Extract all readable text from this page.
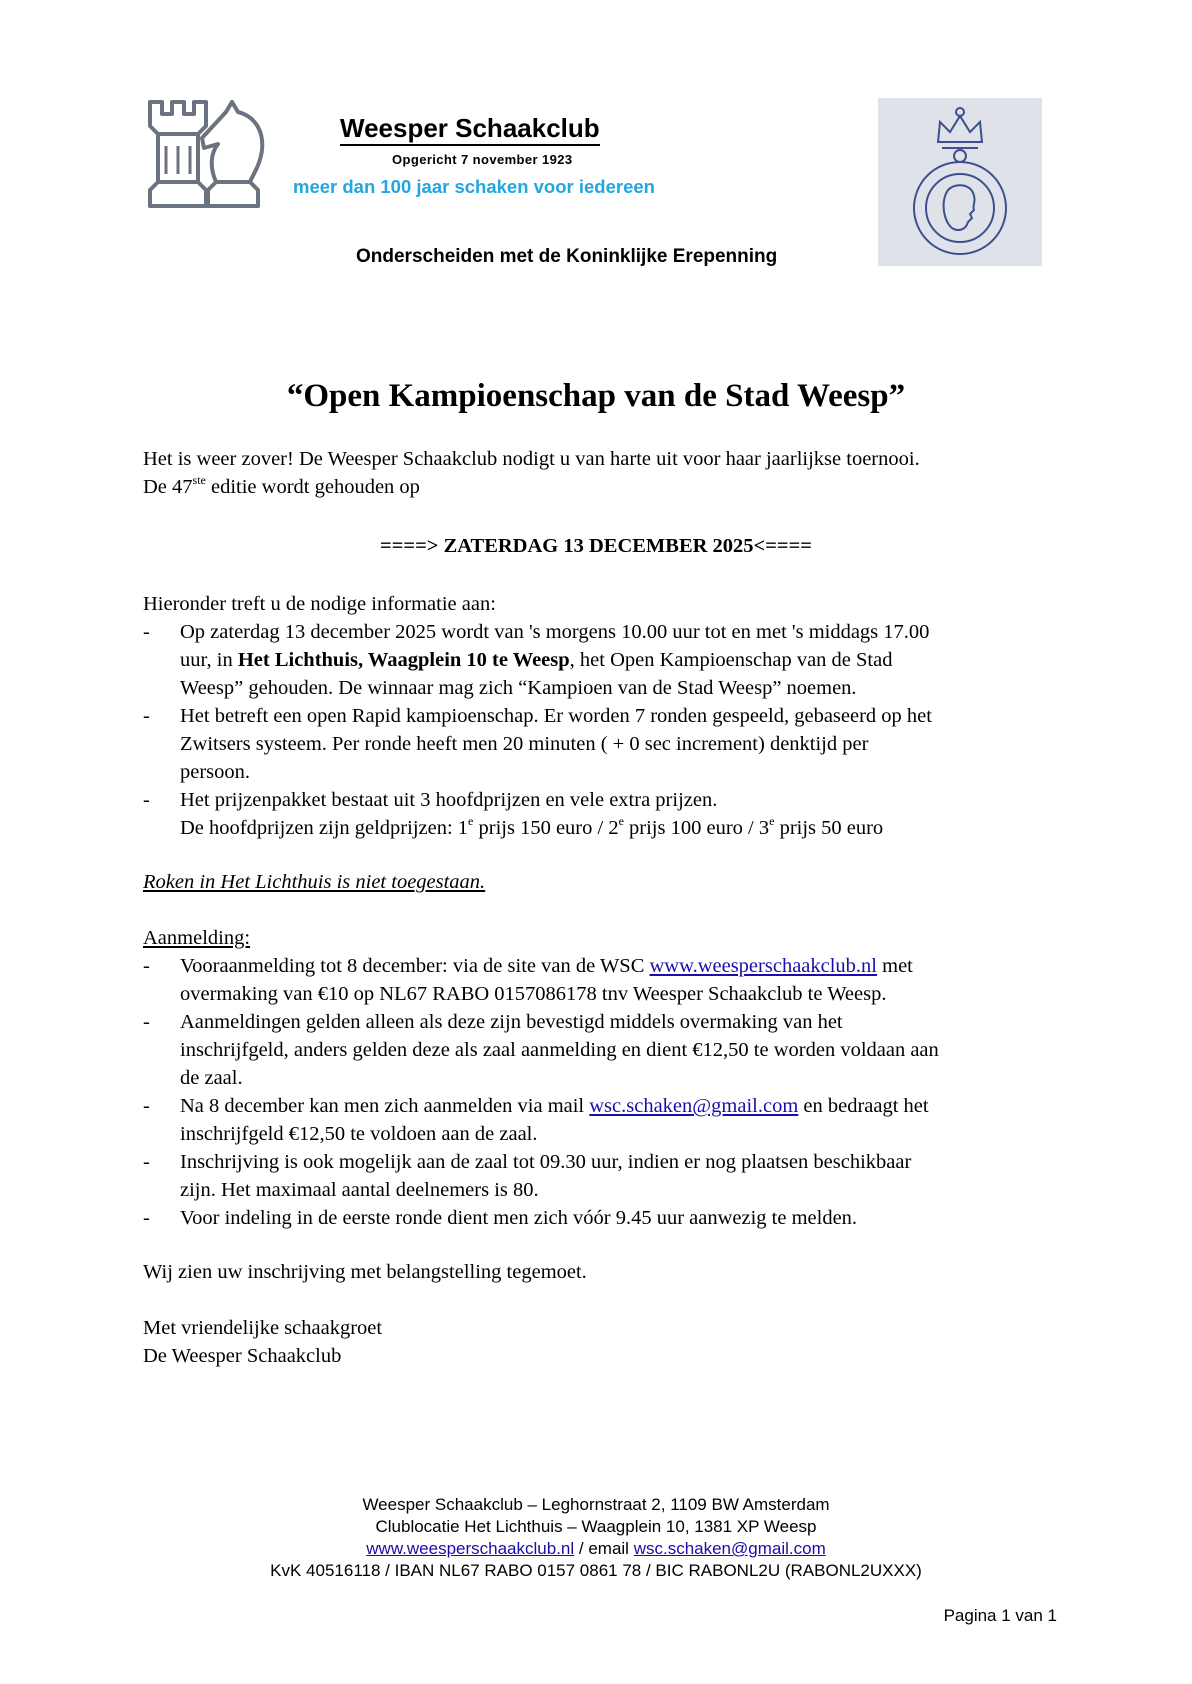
Weesper Schaakclub
Opgericht 7 november 1923
meer dan 100 jaar schaken voor iedereen
Onderscheiden met de Koninklijke Erepenning
“Open Kampioenschap van de Stad Weesp”
Het is weer zover! De Weesper Schaakclub nodigt u van harte uit voor haar jaarlijkse toernooi.
De 47ste editie wordt gehouden op
====> ZATERDAG 13 DECEMBER 2025<====
Hieronder treft u de nodige informatie aan:
- Op zaterdag 13 december 2025 wordt van 's morgens 10.00 uur tot en met 's middags 17.00
uur, in Het Lichthuis, Waagplein 10 te Weesp, het Open Kampioenschap van de Stad
Weesp” gehouden. De winnaar mag zich “Kampioen van de Stad Weesp” noemen.
- Het betreft een open Rapid kampioenschap. Er worden 7 ronden gespeeld, gebaseerd op het
Zwitsers systeem. Per ronde heeft men 20 minuten ( + 0 sec increment) denktijd per
persoon.
- Het prijzenpakket bestaat uit 3 hoofdprijzen en vele extra prijzen.
De hoofdprijzen zijn geldprijzen: 1e prijs 150 euro / 2e prijs 100 euro / 3e prijs 50 euro
Roken in Het Lichthuis is niet toegestaan.
Aanmelding:
- Vooraanmelding tot 8 december: via de site van de WSC www.weesperschaakclub.nl met
overmaking van €10 op NL67 RABO 0157086178 tnv Weesper Schaakclub te Weesp.
- Aanmeldingen gelden alleen als deze zijn bevestigd middels overmaking van het
inschrijfgeld, anders gelden deze als zaal aanmelding en dient €12,50 te worden voldaan aan
de zaal.
- Na 8 december kan men zich aanmelden via mail wsc.schaken@gmail.com en bedraagt het
inschrijfgeld €12,50 te voldoen aan de zaal.
- Inschrijving is ook mogelijk aan de zaal tot 09.30 uur, indien er nog plaatsen beschikbaar
zijn. Het maximaal aantal deelnemers is 80.
- Voor indeling in de eerste ronde dient men zich vóór 9.45 uur aanwezig te melden.
Wij zien uw inschrijving met belangstelling tegemoet.
Met vriendelijke schaakgroet
De Weesper Schaakclub
Weesper Schaakclub – Leghornstraat 2, 1109 BW Amsterdam
Clublocatie Het Lichthuis – Waagplein 10, 1381 XP Weesp
www.weesperschaakclub.nl / email wsc.schaken@gmail.com
KvK 40516118 / IBAN NL67 RABO 0157 0861 78 / BIC RABONL2U (RABONL2UXXX)
Pagina 1 van 1
